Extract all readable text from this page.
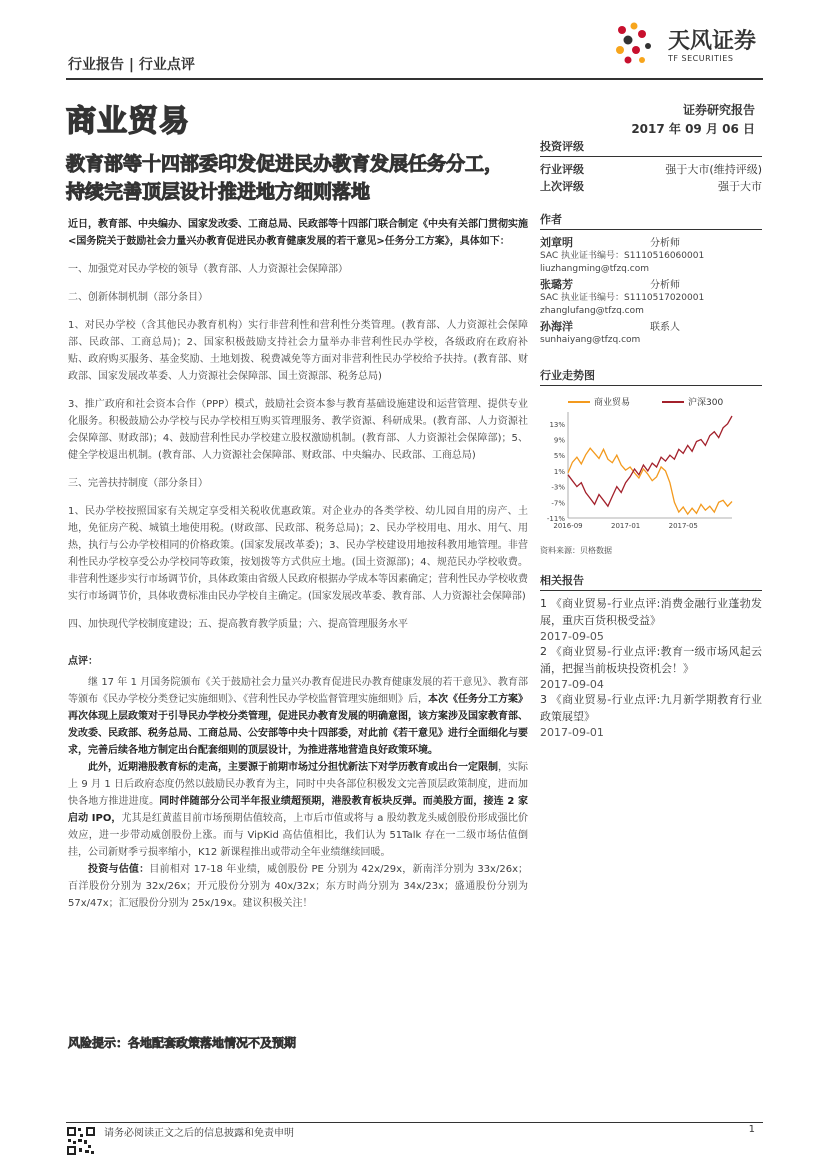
行业报告 | 行业点评
天风证券
TF SECURITIES
商业贸易	证券研究报告
2017 年 09 月 06 日
教育部等十四部委印发促进民办教育发展任务分工，
持续完善顶层设计推进地方细则落地

近日，教育部、中央编办、国家发改委、工商总局、民政部等十四部门联合制定《中央有关部门贯彻实施<国务院关于鼓励社会力量兴办教育促进民办教育健康发展的若干意见>任务分工方案》，具体如下：

一、加强党对民办学校的领导（教育部、人力资源社会保障部）

二、创新体制机制（部分条目）

1、对民办学校（含其他民办教育机构）实行非营利性和营利性分类管理。(教育部、人力资源社会保障部、民政部、工商总局)；2、国家积极鼓励支持社会力量举办非营利性民办学校，各级政府在政府补贴、政府购买服务、基金奖励、土地划拨、税费减免等方面对非营利性民办学校给予扶持。(教育部、财政部、国家发展改革委、人力资源社会保障部、国土资源部、税务总局)

3、推广政府和社会资本合作（PPP）模式，鼓励社会资本参与教育基础设施建设和运营管理、提供专业化服务。积极鼓励公办学校与民办学校相互购买管理服务、教学资源、科研成果。(教育部、人力资源社会保障部、财政部)；4、鼓励营利性民办学校建立股权激励机制。(教育部、人力资源社会保障部)；5、健全学校退出机制。(教育部、人力资源社会保障部、财政部、中央编办、民政部、工商总局)

三、完善扶持制度（部分条目）

1、民办学校按照国家有关规定享受相关税收优惠政策。对企业办的各类学校、幼儿园自用的房产、土地，免征房产税、城镇土地使用税。(财政部、民政部、税务总局)；2、民办学校用电、用水、用气、用热，执行与公办学校相同的价格政策。(国家发展改革委)；3、民办学校建设用地按科教用地管理。非营利性民办学校享受公办学校同等政策，按划拨等方式供应土地。(国土资源部)；4、规范民办学校收费。非营利性逐步实行市场调节价，具体政策由省级人民政府根据办学成本等因素确定；营利性民办学校收费实行市场调节价，具体收费标准由民办学校自主确定。(国家发展改革委、教育部、人力资源社会保障部)

四、加快现代学校制度建设；五、提高教育教学质量；六、提高管理服务水平

点评：

继 17 年 1 月国务院颁布《关于鼓励社会力量兴办教育促进民办教育健康发展的若干意见》、教育部等颁布《民办学校分类登记实施细则》、《营利性民办学校监督管理实施细则》后，本次《任务分工方案》再次体现上层政策对于引导民办学校分类管理，促进民办教育发展的明确意图，该方案涉及国家教育部、发改委、民政部、税务总局、工商总局、公安部等中央十四部委，对此前《若干意见》进行全面细化与要求，完善后续各地方制定出台配套细则的顶层设计，为推进落地营造良好政策环境。

此外，近期港股教育标的走高，主要源于前期市场过分担忧新法下对学历教育或出台一定限制，实际上 9 月 1 日后政府态度仍然以鼓励民办教育为主，同时中央各部位积极发文完善顶层政策制度，进而加快各地方推进进度。同时伴随部分公司半年报业绩超预期，港股教育板块反弹。而美股方面，接连 2 家启动 IPO，尤其是红黄蓝目前市场预期估值较高，上市后市值或将与 a 股幼教龙头威创股份形成强比价效应，进一步带动威创股份上涨。而与 VipKid 高估值相比，我们认为 51Talk 存在一二级市场估值倒挂，公司新财季亏损率缩小，K12 新课程推出或带动全年业绩继续回暖。

投资与估值：目前相对 17-18 年业绩，威创股份 PE 分别为 42x/29x，新南洋分别为 33x/26x；百洋股份分别为 32x/26x；开元股份分别为 40x/32x；东方时尚分别为 34x/23x；盛通股份分别为 57x/47x；汇冠股份分别为 25x/19x。建议积极关注！

风险提示：各地配套政策落地情况不及预期
投资评级
行业评级	强于大市(维持评级)
上次评级	强于大市
作者
刘章明	分析师
SAC 执业证书编号：S1110516060001
liuzhangming@tfzq.com
张璐芳	分析师
SAC 执业证书编号：S1110517020001
zhanglufang@tfzq.com
孙海洋	联系人
sunhaiyang@tfzq.com
行业走势图
商业贸易	沪深300
13%
9%
5%
1%
-3%
-7%
-11%
2016-09	2017-01	2017-05
资料来源：贝格数据
相关报告
1 《商业贸易-行业点评:消费金融行业蓬勃发展，重庆百货积极受益》
2017-09-05
2 《商业贸易-行业点评:教育一级市场风起云涌，把握当前板块投资机会！》
2017-09-04
3 《商业贸易-行业点评:九月新学期教育行业政策展望》
2017-09-01
请务必阅读正文之后的信息披露和免责申明	1
